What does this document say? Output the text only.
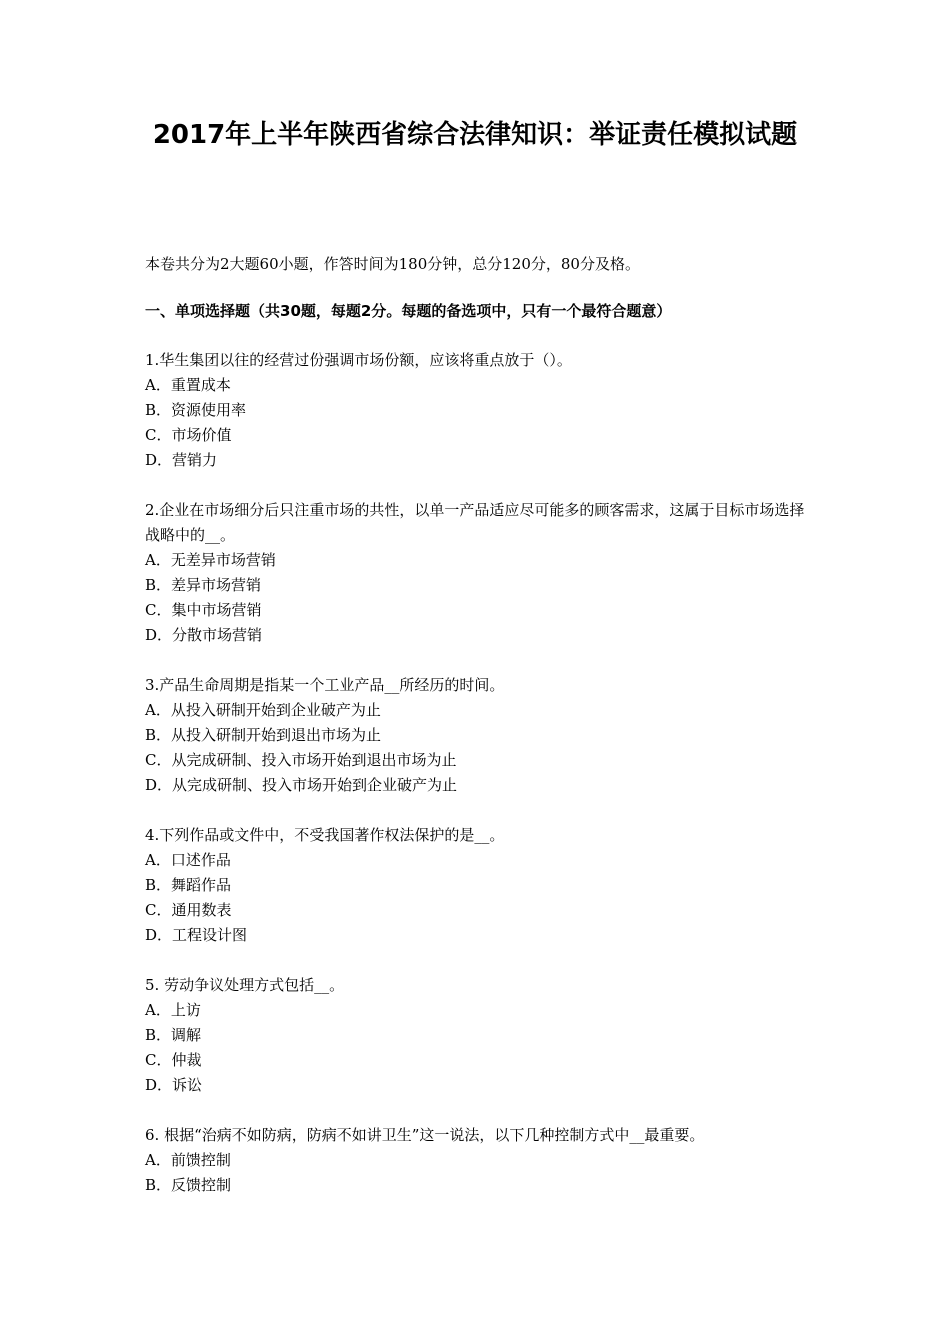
2017年上半年陕西省综合法律知识：举证责任模拟试题
本卷共分为2大题60小题，作答时间为180分钟，总分120分，80分及格。
一、单项选择题（共30题，每题2分。每题的备选项中，只有一个最符合题意）
1.华生集团以往的经营过份强调市场份额，应该将重点放于（）。
A．重置成本
B．资源使用率
C．市场价值
D．营销力
2.企业在市场细分后只注重市场的共性，以单一产品适应尽可能多的顾客需求，这属于目标市场选择战略中的__。
A．无差异市场营销
B．差异市场营销
C．集中市场营销
D．分散市场营销
3.产品生命周期是指某一个工业产品__所经历的时间。
A．从投入研制开始到企业破产为止
B．从投入研制开始到退出市场为止
C．从完成研制、投入市场开始到退出市场为止
D．从完成研制、投入市场开始到企业破产为止
4.下列作品或文件中，不受我国著作权法保护的是__。
A．口述作品
B．舞蹈作品
C．通用数表
D．工程设计图
5. 劳动争议处理方式包括__。
A．上访
B．调解
C．仲裁
D．诉讼
6. 根据“治病不如防病，防病不如讲卫生”这一说法，以下几种控制方式中__最重要。
A．前馈控制
B．反馈控制
